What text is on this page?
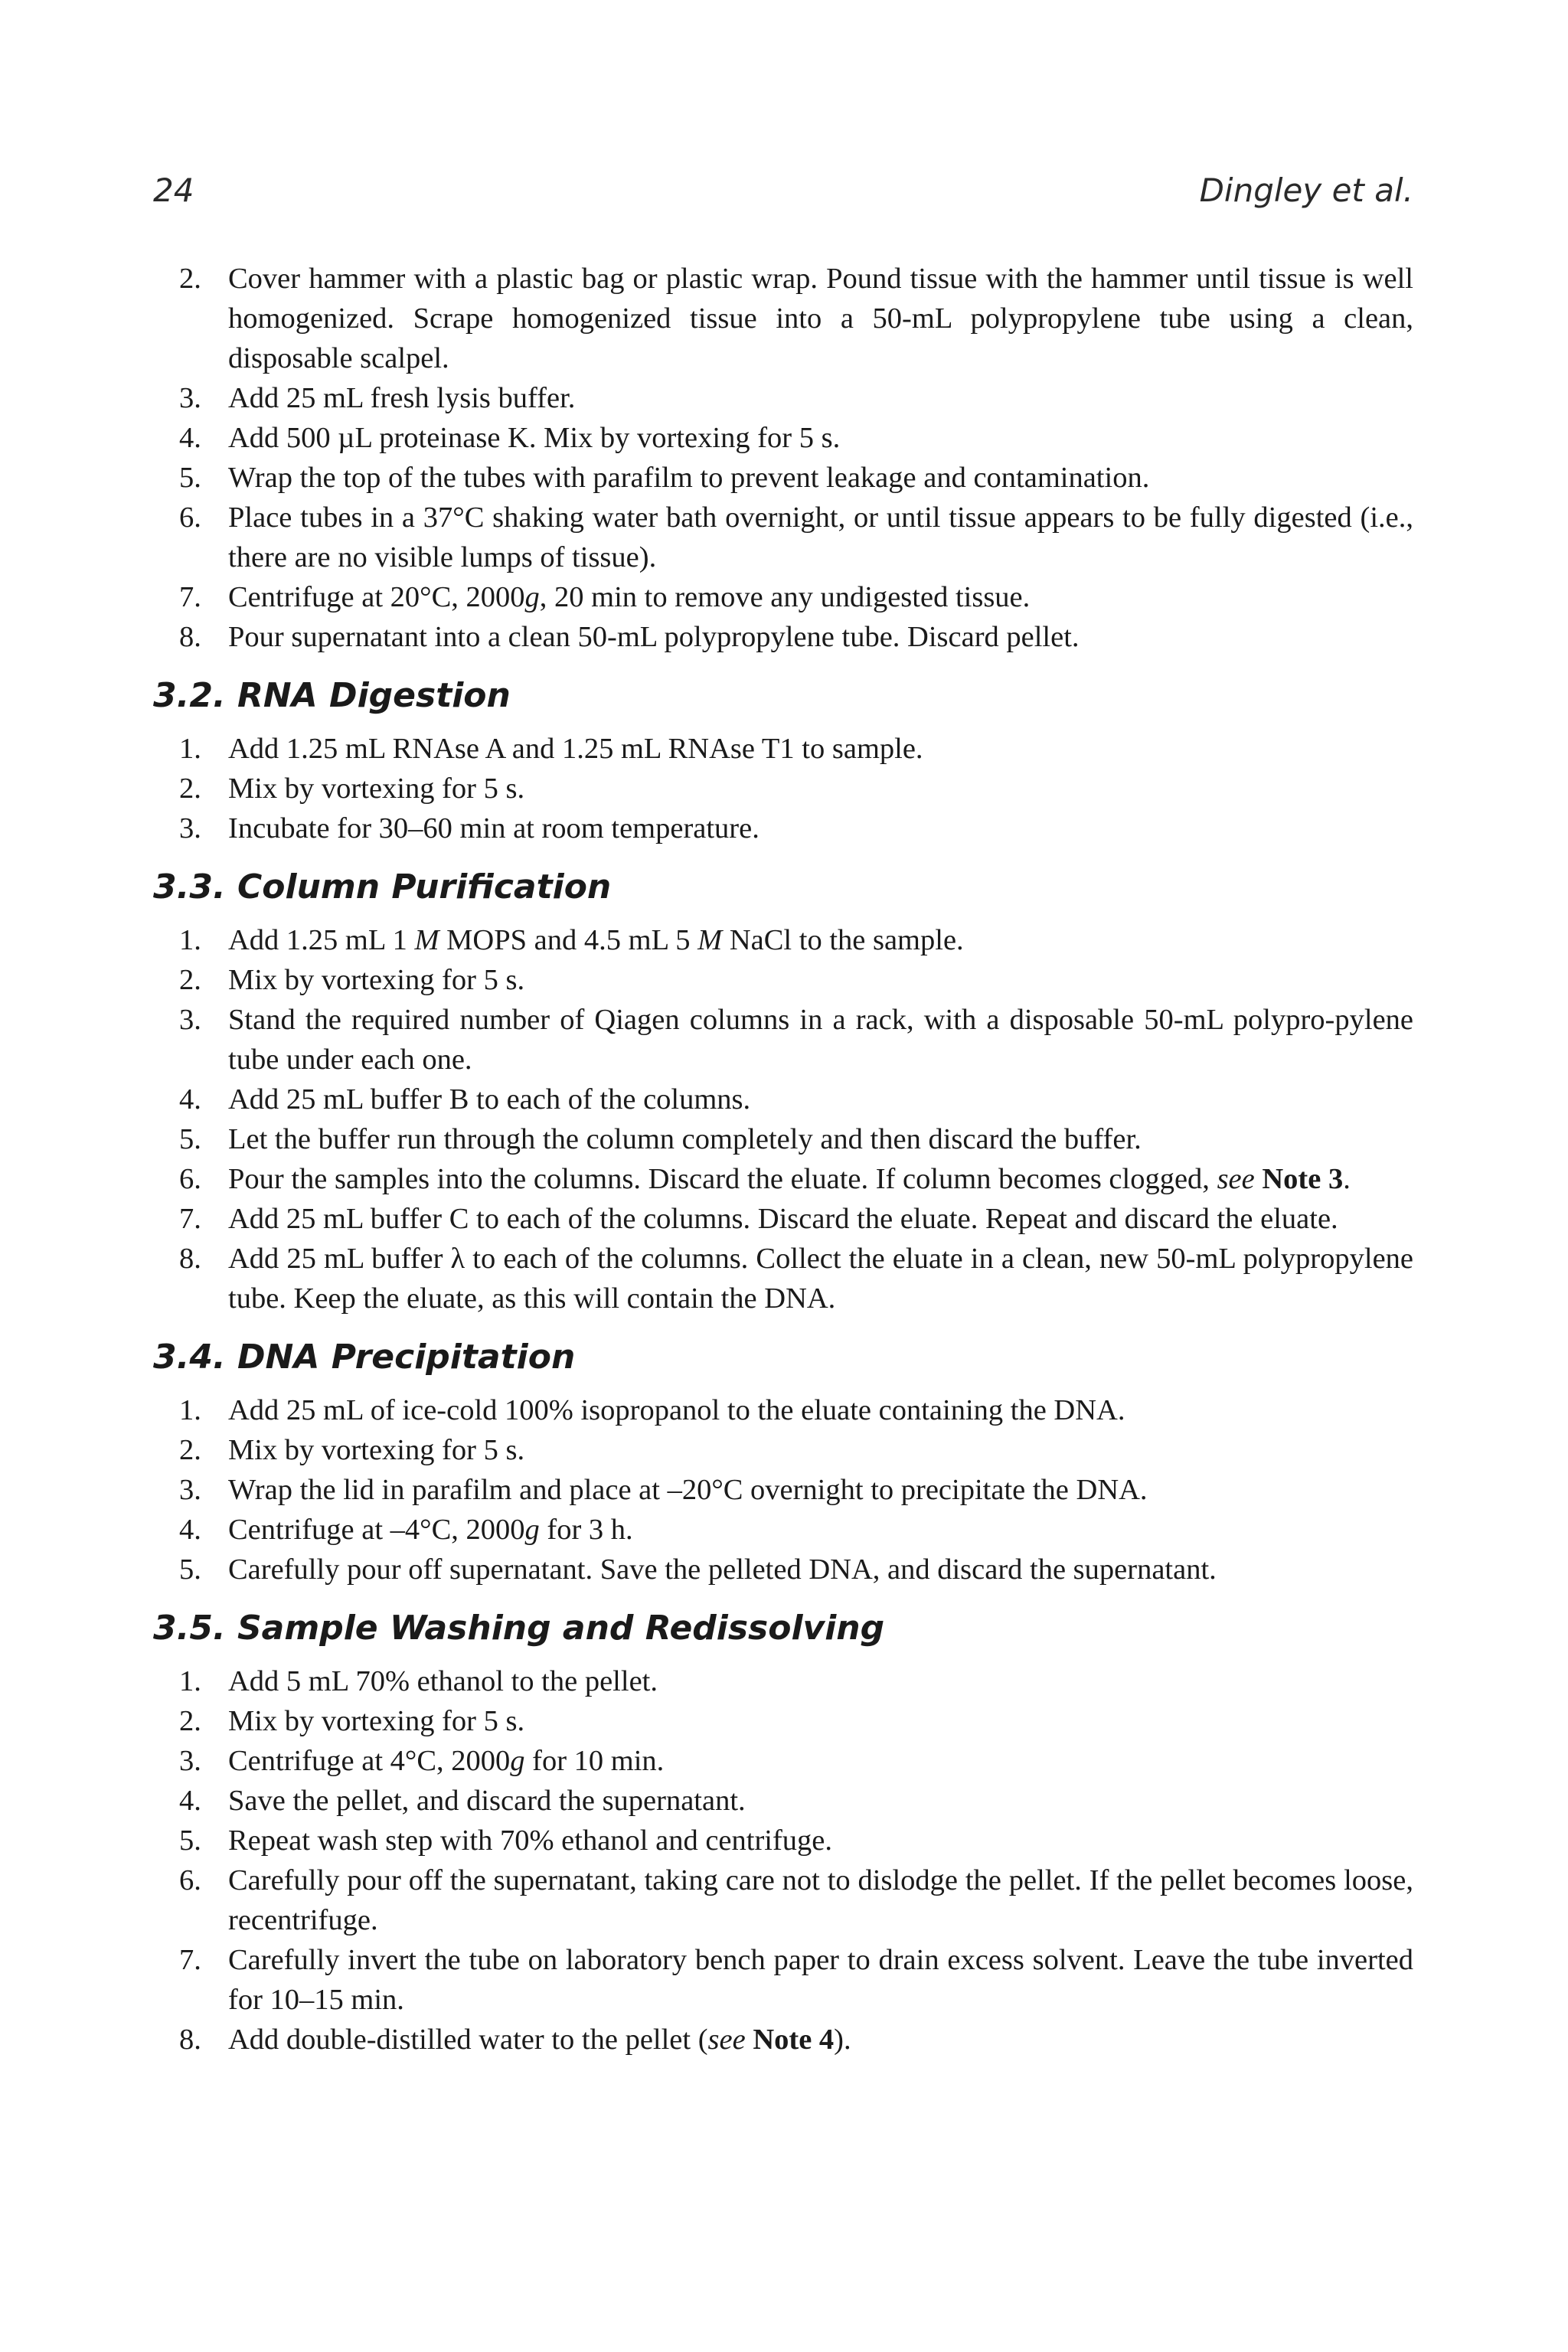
24	Dingley et al.
2. Cover hammer with a plastic bag or plastic wrap. Pound tissue with the hammer until tissue is well homogenized. Scrape homogenized tissue into a 50-mL polypropylene tube using a clean, disposable scalpel.
3. Add 25 mL fresh lysis buffer.
4. Add 500 µL proteinase K. Mix by vortexing for 5 s.
5. Wrap the top of the tubes with parafilm to prevent leakage and contamination.
6. Place tubes in a 37°C shaking water bath overnight, or until tissue appears to be fully digested (i.e., there are no visible lumps of tissue).
7. Centrifuge at 20°C, 2000g, 20 min to remove any undigested tissue.
8. Pour supernatant into a clean 50-mL polypropylene tube. Discard pellet.
3.2. RNA Digestion
1. Add 1.25 mL RNAse A and 1.25 mL RNAse T1 to sample.
2. Mix by vortexing for 5 s.
3. Incubate for 30–60 min at room temperature.
3.3. Column Purification
1. Add 1.25 mL 1 M MOPS and 4.5 mL 5 M NaCl to the sample.
2. Mix by vortexing for 5 s.
3. Stand the required number of Qiagen columns in a rack, with a disposable 50-mL polypro-pylene tube under each one.
4. Add 25 mL buffer B to each of the columns.
5. Let the buffer run through the column completely and then discard the buffer.
6. Pour the samples into the columns. Discard the eluate. If column becomes clogged, see Note 3.
7. Add 25 mL buffer C to each of the columns. Discard the eluate. Repeat and discard the eluate.
8. Add 25 mL buffer λ to each of the columns. Collect the eluate in a clean, new 50-mL polypropylene tube. Keep the eluate, as this will contain the DNA.
3.4. DNA Precipitation
1. Add 25 mL of ice-cold 100% isopropanol to the eluate containing the DNA.
2. Mix by vortexing for 5 s.
3. Wrap the lid in parafilm and place at –20°C overnight to precipitate the DNA.
4. Centrifuge at –4°C, 2000g for 3 h.
5. Carefully pour off supernatant. Save the pelleted DNA, and discard the supernatant.
3.5. Sample Washing and Redissolving
1. Add 5 mL 70% ethanol to the pellet.
2. Mix by vortexing for 5 s.
3. Centrifuge at 4°C, 2000g for 10 min.
4. Save the pellet, and discard the supernatant.
5. Repeat wash step with 70% ethanol and centrifuge.
6. Carefully pour off the supernatant, taking care not to dislodge the pellet. If the pellet becomes loose, recentrifuge.
7. Carefully invert the tube on laboratory bench paper to drain excess solvent. Leave the tube inverted for 10–15 min.
8. Add double-distilled water to the pellet (see Note 4).
